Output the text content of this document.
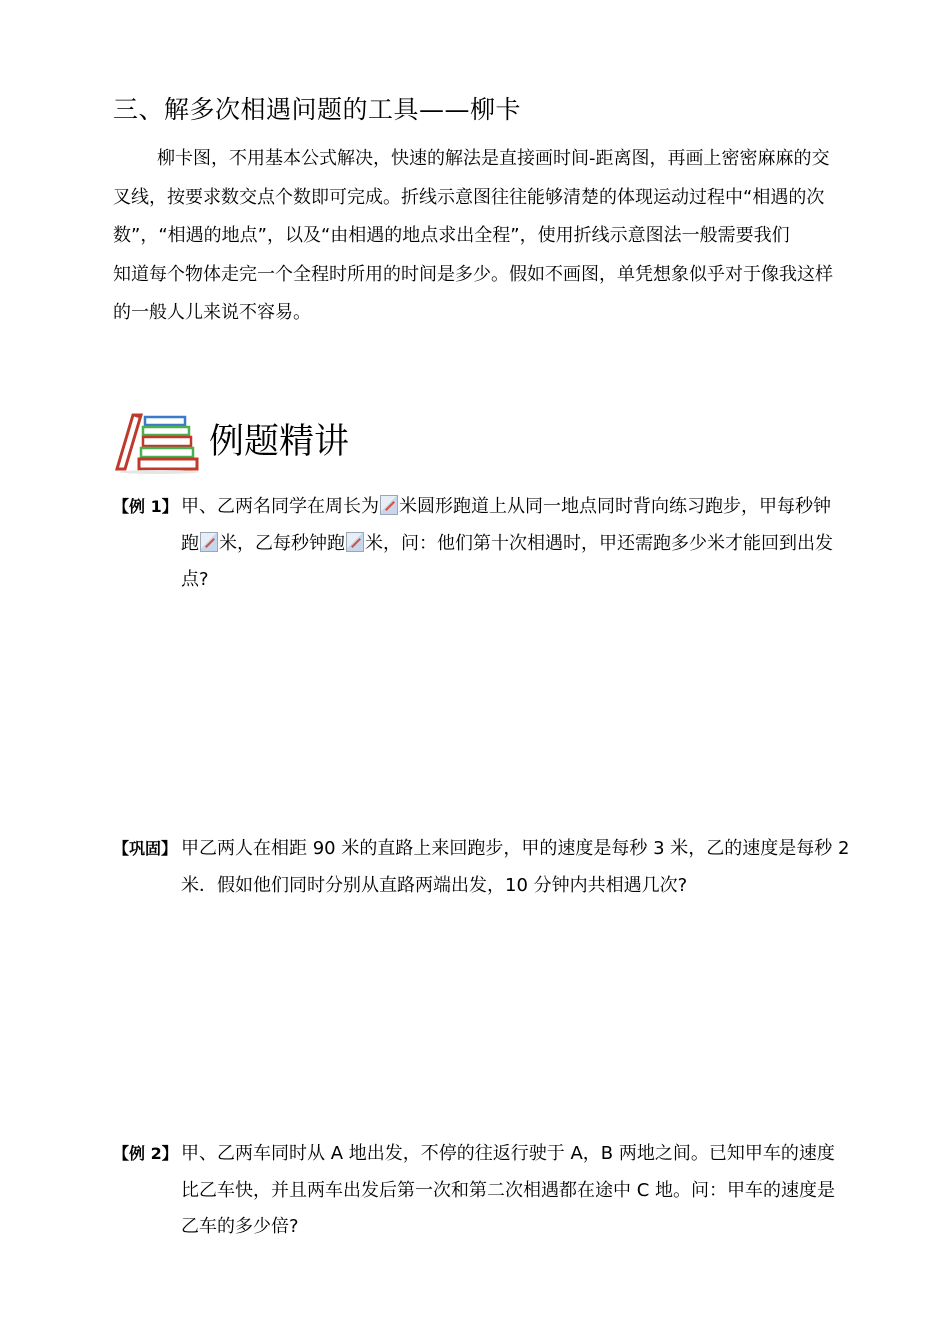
三、解多次相遇问题的工具——柳卡
柳卡图，不用基本公式解决，快速的解法是直接画时间-距离图，再画上密密麻麻的交
叉线，按要求数交点个数即可完成。折线示意图往往能够清楚的体现运动过程中“相遇的次
数”，“相遇的地点”，以及“由相遇的地点求出全程”，使用折线示意图法一般需要我们
知道每个物体走完一个全程时所用的时间是多少。假如不画图，单凭想象似乎对于像我这样
的一般人儿来说不容易。
例题精讲
【例 1】 甲、乙两名同学在周长为 米圆形跑道上从同一地点同时背向练习跑步，甲每秒钟
跑 米，乙每秒钟跑 米，问：他们第十次相遇时，甲还需跑多少米才能回到出发
点?
【巩固】 甲乙两人在相距 90 米的直路上来回跑步，甲的速度是每秒 3 米，乙的速度是每秒 2
米．假如他们同时分别从直路两端出发，10 分钟内共相遇几次?
【例 2】 甲、乙两车同时从 A 地出发，不停的往返行驶于 A，B 两地之间。已知甲车的速度
比乙车快，并且两车出发后第一次和第二次相遇都在途中 C 地。问：甲车的速度是
乙车的多少倍?
